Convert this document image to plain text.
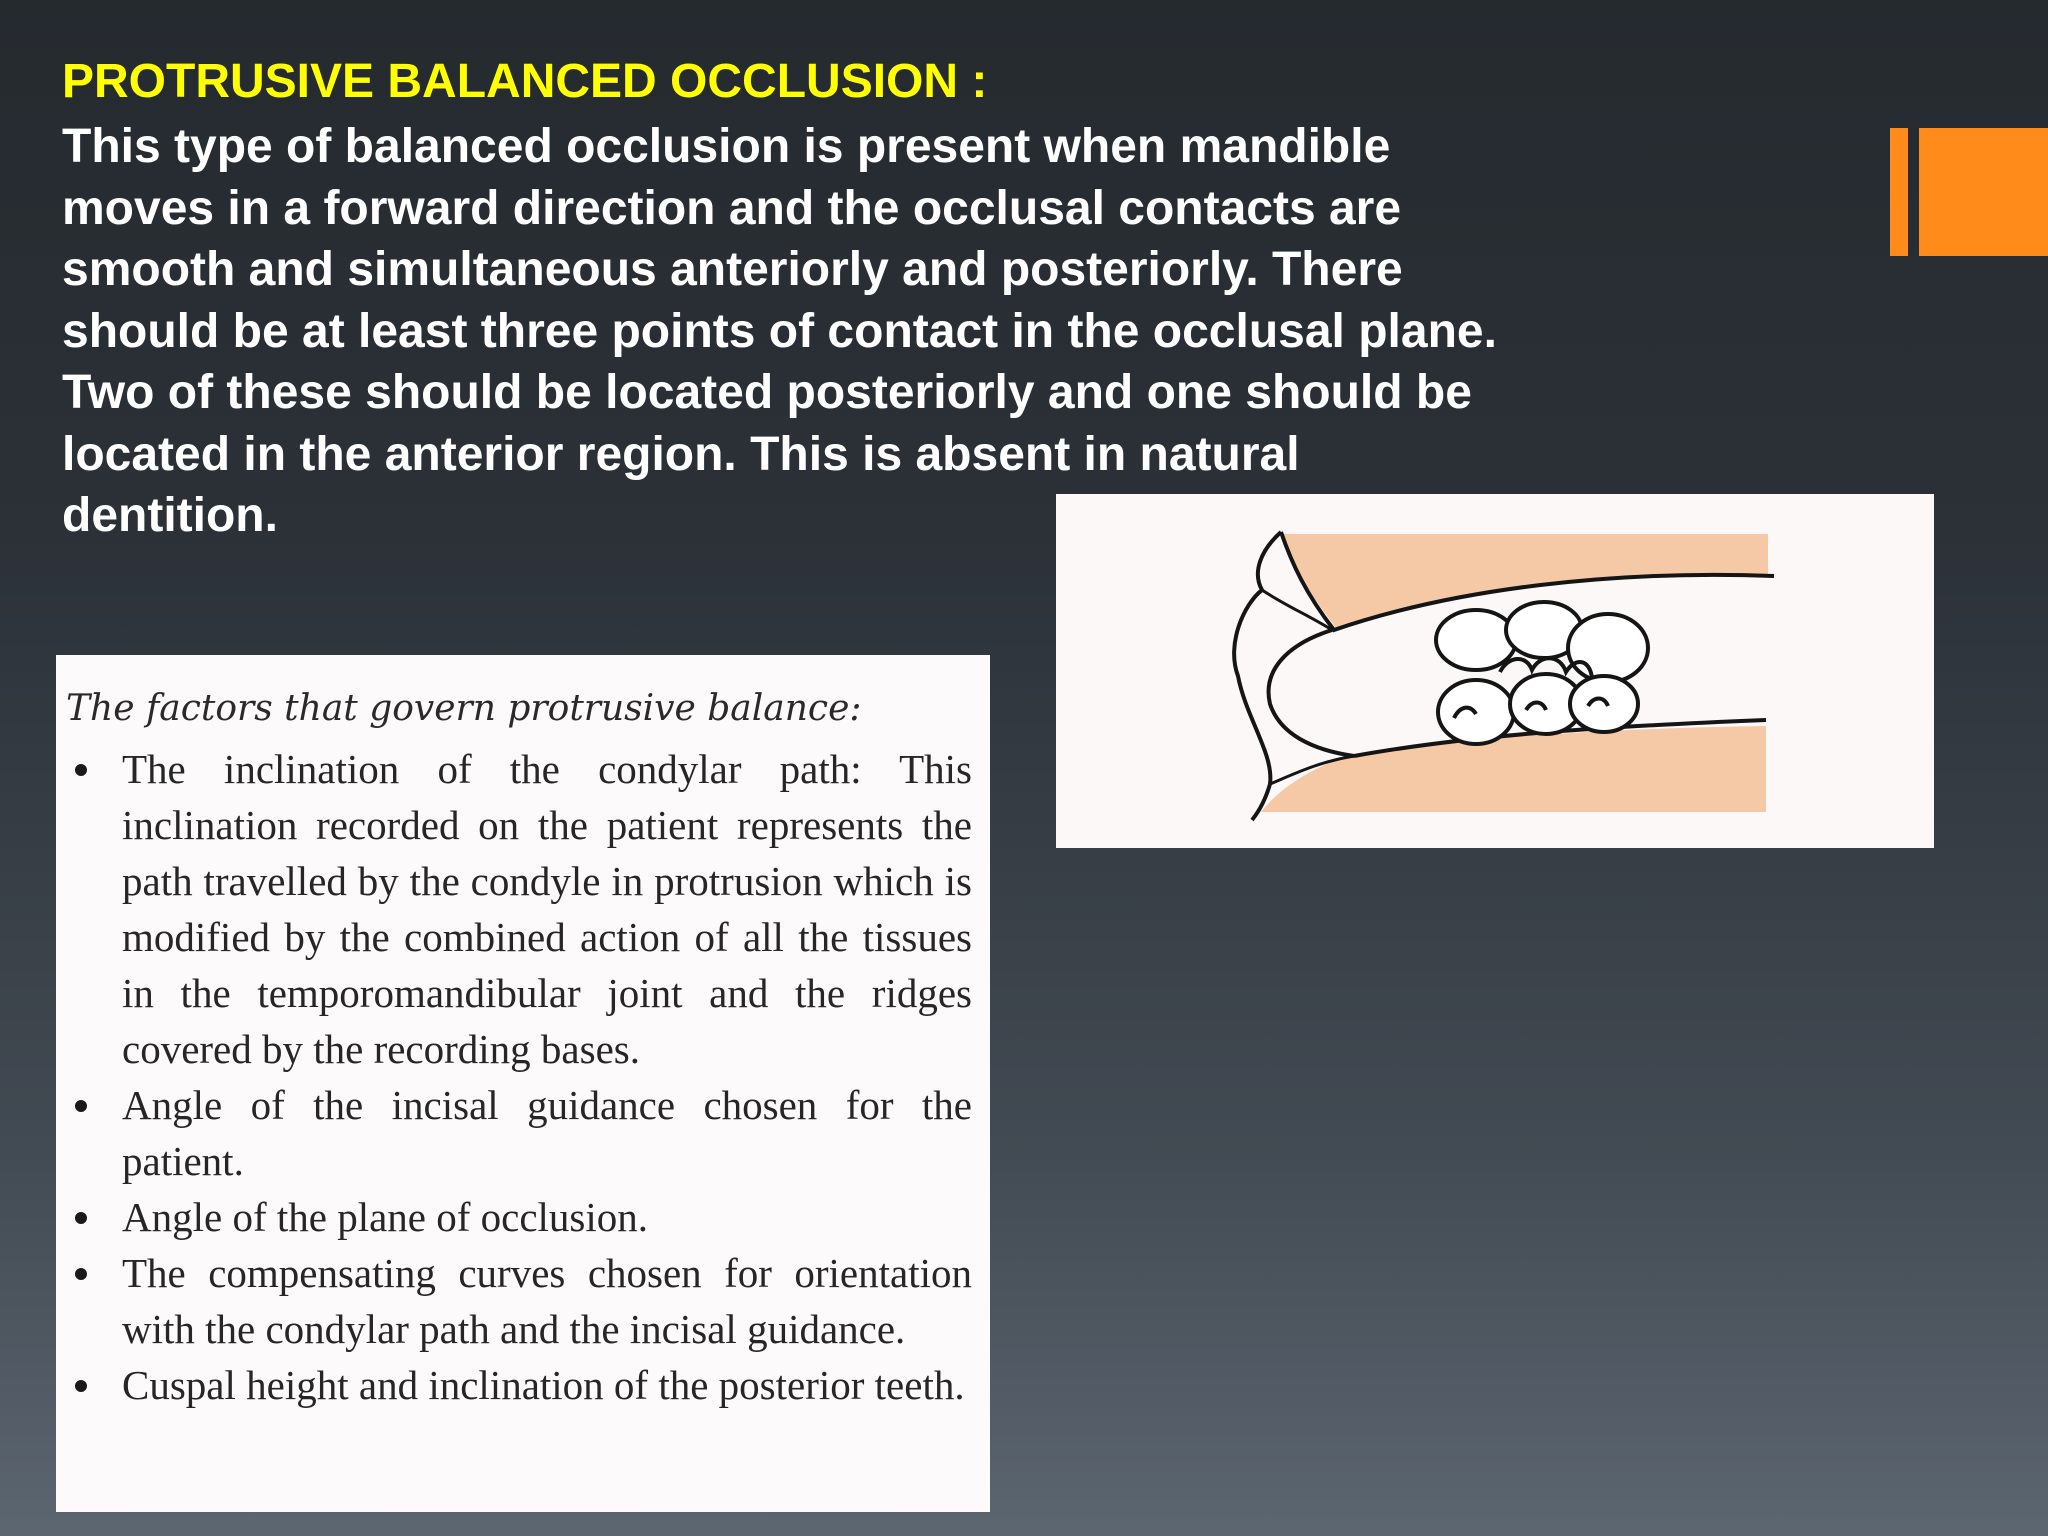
PROTRUSIVE BALANCED OCCLUSION :

This type of balanced occlusion is present when mandible moves in a forward direction and the occlusal contacts are smooth and simultaneous anteriorly and posteriorly. There should be at least three points of contact in the occlusal plane. Two of these should be located posteriorly and one should be located in the anterior region. This is absent in natural dentition.

The factors that govern protrusive balance:

The inclination of the condylar path: This inclination recorded on the patient represents the path travelled by the condyle in protrusion which is modified by the combined action of all the tissues in the temporomandibular joint and the ridges covered by the recording bases.
Angle of the incisal guidance chosen for the patient.
Angle of the plane of occlusion.
The compensating curves chosen for orientation with the condylar path and the incisal guidance.
Cuspal height and inclination of the posterior teeth.
